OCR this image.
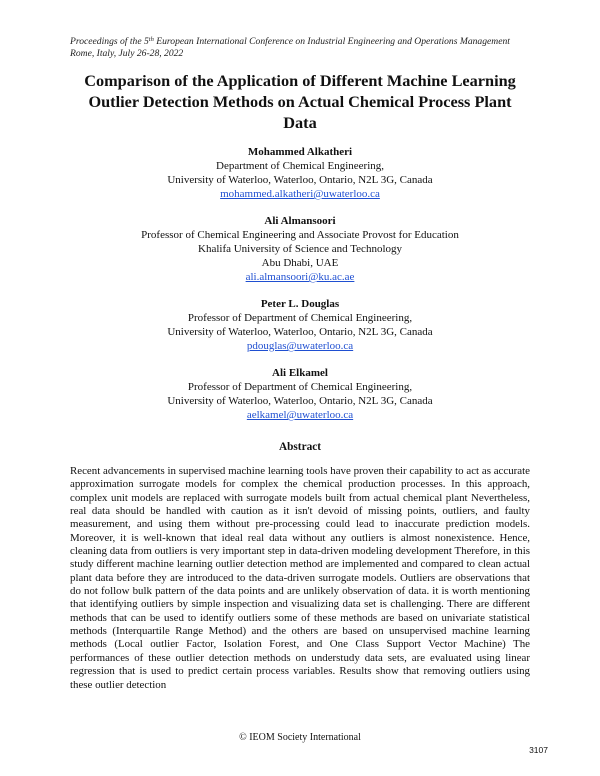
Proceedings of the 5th European International Conference on Industrial Engineering and Operations Management
Rome, Italy, July 26-28, 2022
Comparison of the Application of Different Machine Learning Outlier Detection Methods on Actual Chemical Process Plant Data
Mohammed Alkatheri
Department of Chemical Engineering,
University of Waterloo, Waterloo, Ontario, N2L 3G, Canada
mohammed.alkatheri@uwaterloo.ca
Ali Almansoori
Professor of Chemical Engineering and Associate Provost for Education
Khalifa University of Science and Technology
Abu Dhabi, UAE
ali.almansoori@ku.ac.ae
Peter L. Douglas
Professor of Department of Chemical Engineering,
University of Waterloo, Waterloo, Ontario, N2L 3G, Canada
pdouglas@uwaterloo.ca
Ali Elkamel
Professor of Department of Chemical Engineering,
University of Waterloo, Waterloo, Ontario, N2L 3G, Canada
aelkamel@uwaterloo.ca
Abstract
Recent advancements in supervised machine learning tools have proven their capability to act as accurate approximation surrogate models for complex the chemical production processes. In this approach, complex unit models are replaced with surrogate models built from actual chemical plant Nevertheless, real data should be handled with caution as it isn't devoid of missing points, outliers, and faulty measurement, and using them without pre-processing could lead to inaccurate prediction models. Moreover, it is well-known that ideal real data without any outliers is almost nonexistence. Hence, cleaning data from outliers is very important step in data-driven modeling development Therefore, in this study different machine learning outlier detection method are implemented and compared to clean actual plant data before they are introduced to the data-driven surrogate models. Outliers are observations that do not follow bulk pattern of the data points and are unlikely observation of data. it is worth mentioning that identifying outliers by simple inspection and visualizing data set is challenging. There are different methods that can be used to identify outliers some of these methods are based on univariate statistical methods (Interquartile Range Method) and the others are based on unsupervised machine learning methods (Local outlier Factor, Isolation Forest, and One Class Support Vector Machine) The performances of these outlier detection methods on understudy data sets, are evaluated using linear regression that is used to predict certain process variables. Results show that removing outliers using these outlier detection
© IEOM Society International
3107
